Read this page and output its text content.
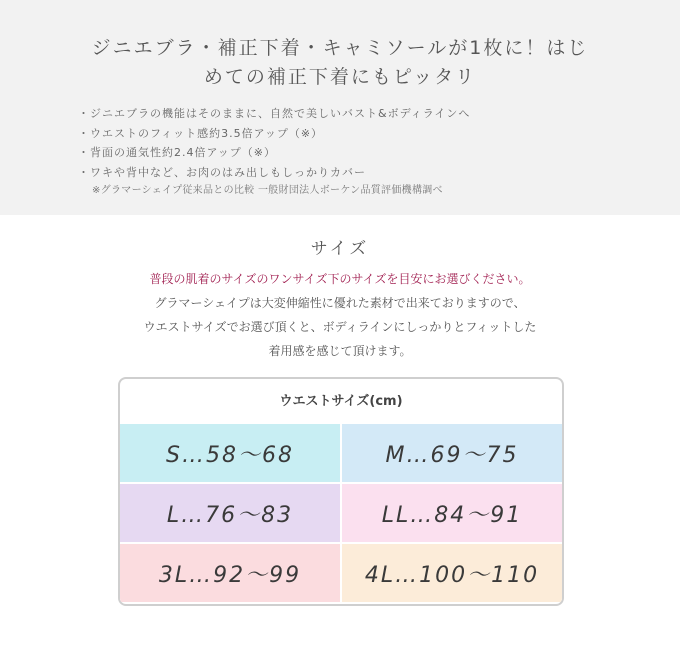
ジニエブラ・補正下着・キャミソールが1枚に！はじ
めての補正下着にもピッタリ
・ ジニエブラの機能はそのままに、自然で美しいバスト&ボディラインへ
・ ウエストのフィット感約3.5倍アップ（※）
・ 背面の通気性約2.4倍アップ（※）
・ ワキや背中など、お肉のはみ出しもしっかりカバー
※グラマーシェイプ従来品との比較 一般財団法人ボーケン品質評価機構調べ
サイズ
普段の肌着のサイズのワンサイズ下のサイズを目安にお選びください。
グラマーシェイプは大変伸縮性に優れた素材で出来ておりますので、
ウエストサイズでお選び頂くと、ボディラインにしっかりとフィットした
着用感を感じて頂けます。
ウエストサイズ(cm)
S…58〜68	M…69〜75
L…76〜83	LL…84〜91
3L…92〜99	4L…100〜110
